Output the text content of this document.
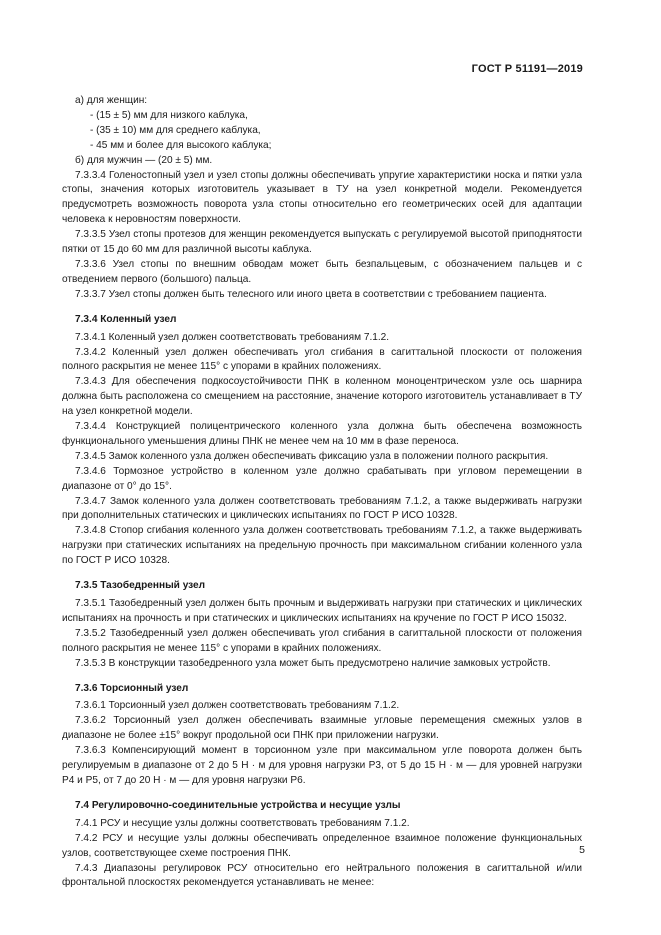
ГОСТ Р 51191—2019
а) для женщин:
- (15 ± 5) мм для низкого каблука,
- (35 ± 10) мм для среднего каблука,
- 45 мм и более для высокого каблука;
б) для мужчин — (20 ± 5) мм.
7.3.3.4 Голеностопный узел и узел стопы должны обеспечивать упругие характеристики носка и пятки узла стопы, значения которых изготовитель указывает в ТУ на узел конкретной модели. Рекомендуется предусмотреть возможность поворота узла стопы относительно его геометрических осей для адаптации человека к неровностям поверхности.
7.3.3.5 Узел стопы протезов для женщин рекомендуется выпускать с регулируемой высотой приподнятости пятки от 15 до 60 мм для различной высоты каблука.
7.3.3.6 Узел стопы по внешним обводам может быть безпальцевым, с обозначением пальцев и с отведением первого (большого) пальца.
7.3.3.7 Узел стопы должен быть телесного или иного цвета в соответствии с требованием пациента.
7.3.4 Коленный узел
7.3.4.1 Коленный узел должен соответствовать требованиям 7.1.2.
7.3.4.2 Коленный узел должен обеспечивать угол сгибания в сагиттальной плоскости от положения полного раскрытия не менее 115° с упорами в крайних положениях.
7.3.4.3 Для обеспечения подкосоустойчивости ПНК в коленном моноцентрическом узле ось шарнира должна быть расположена со смещением на расстояние, значение которого изготовитель устанавливает в ТУ на узел конкретной модели.
7.3.4.4 Конструкцией полицентрического коленного узла должна быть обеспечена возможность функционального уменьшения длины ПНК не менее чем на 10 мм в фазе переноса.
7.3.4.5 Замок коленного узла должен обеспечивать фиксацию узла в положении полного раскрытия.
7.3.4.6 Тормозное устройство в коленном узле должно срабатывать при угловом перемещении в диапазоне от 0° до 15°.
7.3.4.7 Замок коленного узла должен соответствовать требованиям 7.1.2, а также выдерживать нагрузки при дополнительных статических и циклических испытаниях по ГОСТ Р ИСО 10328.
7.3.4.8 Стопор сгибания коленного узла должен соответствовать требованиям 7.1.2, а также выдерживать нагрузки при статических испытаниях на предельную прочность при максимальном сгибании коленного узла по ГОСТ Р ИСО 10328.
7.3.5 Тазобедренный узел
7.3.5.1 Тазобедренный узел должен быть прочным и выдерживать нагрузки при статических и циклических испытаниях на прочность и при статических и циклических испытаниях на кручение по ГОСТ Р ИСО 15032.
7.3.5.2 Тазобедренный узел должен обеспечивать угол сгибания в сагиттальной плоскости от положения полного раскрытия не менее 115° с упорами в крайних положениях.
7.3.5.3 В конструкции тазобедренного узла может быть предусмотрено наличие замковых устройств.
7.3.6 Торсионный узел
7.3.6.1 Торсионный узел должен соответствовать требованиям 7.1.2.
7.3.6.2 Торсионный узел должен обеспечивать взаимные угловые перемещения смежных узлов в диапазоне не более ±15° вокруг продольной оси ПНК при приложении нагрузки.
7.3.6.3 Компенсирующий момент в торсионном узле при максимальном угле поворота должен быть регулируемым в диапазоне от 2 до 5 Н · м для уровня нагрузки Р3, от 5 до 15 Н · м — для уровней нагрузки Р4 и Р5, от 7 до 20 Н · м — для уровня нагрузки Р6.
7.4 Регулировочно-соединительные устройства и несущие узлы
7.4.1 РСУ и несущие узлы должны соответствовать требованиям 7.1.2.
7.4.2 РСУ и несущие узлы должны обеспечивать определенное взаимное положение функциональных узлов, соответствующее схеме построения ПНК.
7.4.3 Диапазоны регулировок РСУ относительно его нейтрального положения в сагиттальной и/или фронтальной плоскостях рекомендуется устанавливать не менее:
5
